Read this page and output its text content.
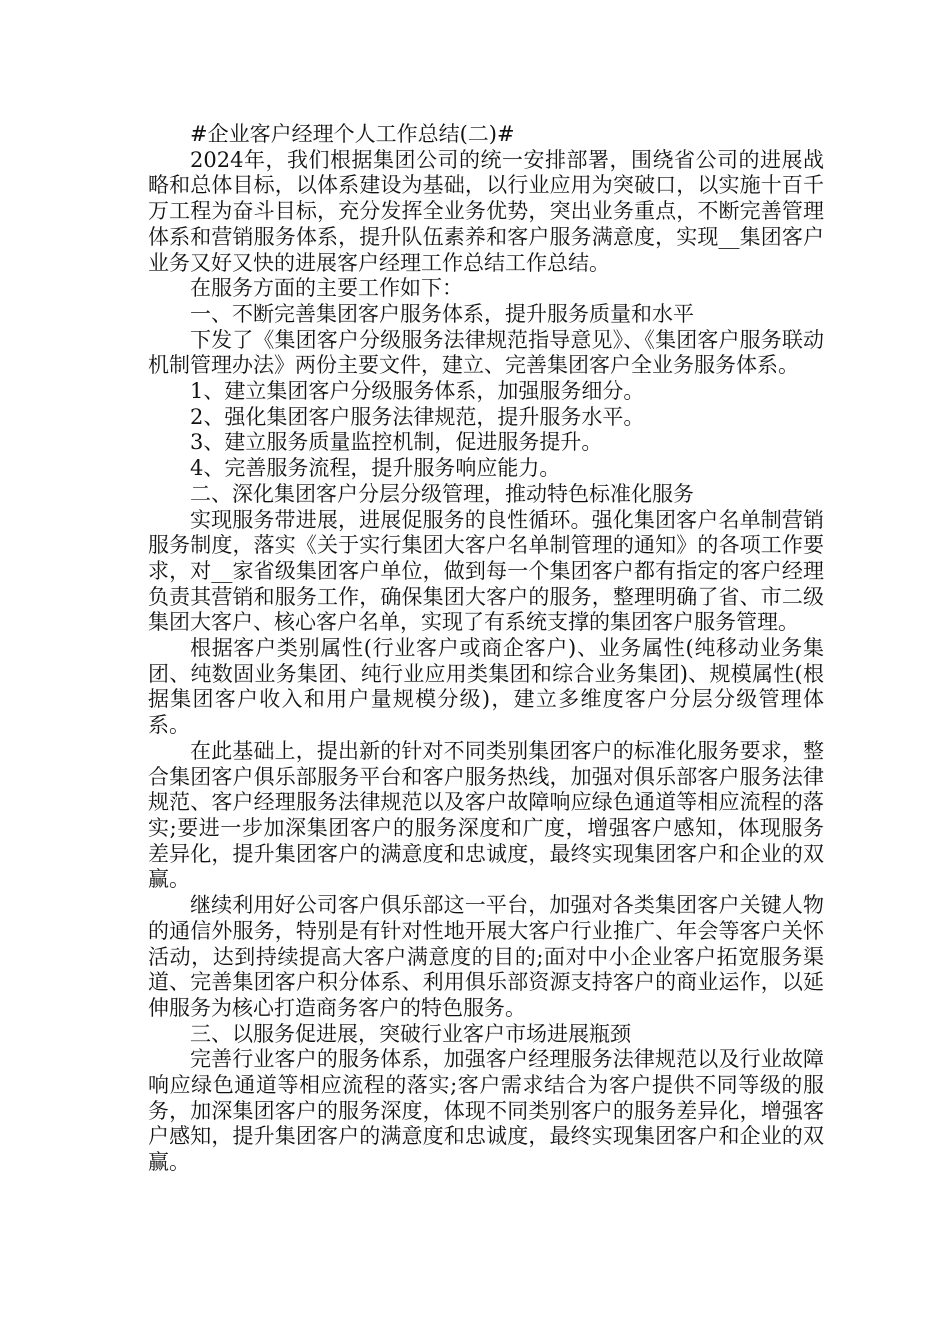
#企业客户经理个人工作总结(二)#

2024年，我们根据集团公司的统一安排部署，围绕省公司的进展战略和总体目标，以体系建设为基础，以行业应用为突破口，以实施十百千万工程为奋斗目标，充分发挥全业务优势，突出业务重点，不断完善管理体系和营销服务体系，提升队伍素养和客户服务满意度，实现__集团客户业务又好又快的进展客户经理工作总结工作总结。

在服务方面的主要工作如下：

一、不断完善集团客户服务体系，提升服务质量和水平

下发了《集团客户分级服务法律规范指导意见》、《集团客户服务联动机制管理办法》两份主要文件，建立、完善集团客户全业务服务体系。

1、建立集团客户分级服务体系，加强服务细分。

2、强化集团客户服务法律规范，提升服务水平。

3、建立服务质量监控机制，促进服务提升。

4、完善服务流程，提升服务响应能力。

二、深化集团客户分层分级管理，推动特色标准化服务

实现服务带进展，进展促服务的良性循环。强化集团客户名单制营销服务制度，落实《关于实行集团大客户名单制管理的通知》的各项工作要求，对__家省级集团客户单位，做到每一个集团客户都有指定的客户经理负责其营销和服务工作，确保集团大客户的服务，整理明确了省、市二级集团大客户、核心客户名单，实现了有系统支撑的集团客户服务管理。

根据客户类别属性(行业客户或商企客户)、业务属性(纯移动业务集团、纯数固业务集团、纯行业应用类集团和综合业务集团)、规模属性(根据集团客户收入和用户量规模分级)，建立多维度客户分层分级管理体系。

在此基础上，提出新的针对不同类别集团客户的标准化服务要求，整合集团客户俱乐部服务平台和客户服务热线，加强对俱乐部客户服务法律规范、客户经理服务法律规范以及客户故障响应绿色通道等相应流程的落实;要进一步加深集团客户的服务深度和广度，增强客户感知，体现服务差异化，提升集团客户的满意度和忠诚度，最终实现集团客户和企业的双赢。

继续利用好公司客户俱乐部这一平台，加强对各类集团客户关键人物的通信外服务，特别是有针对性地开展大客户行业推广、年会等客户关怀活动，达到持续提高大客户满意度的目的;面对中小企业客户拓宽服务渠道、完善集团客户积分体系、利用俱乐部资源支持客户的商业运作，以延伸服务为核心打造商务客户的特色服务。

三、以服务促进展，突破行业客户市场进展瓶颈

完善行业客户的服务体系，加强客户经理服务法律规范以及行业故障响应绿色通道等相应流程的落实;客户需求结合为客户提供不同等级的服务，加深集团客户的服务深度，体现不同类别客户的服务差异化，增强客户感知，提升集团客户的满意度和忠诚度，最终实现集团客户和企业的双赢。
